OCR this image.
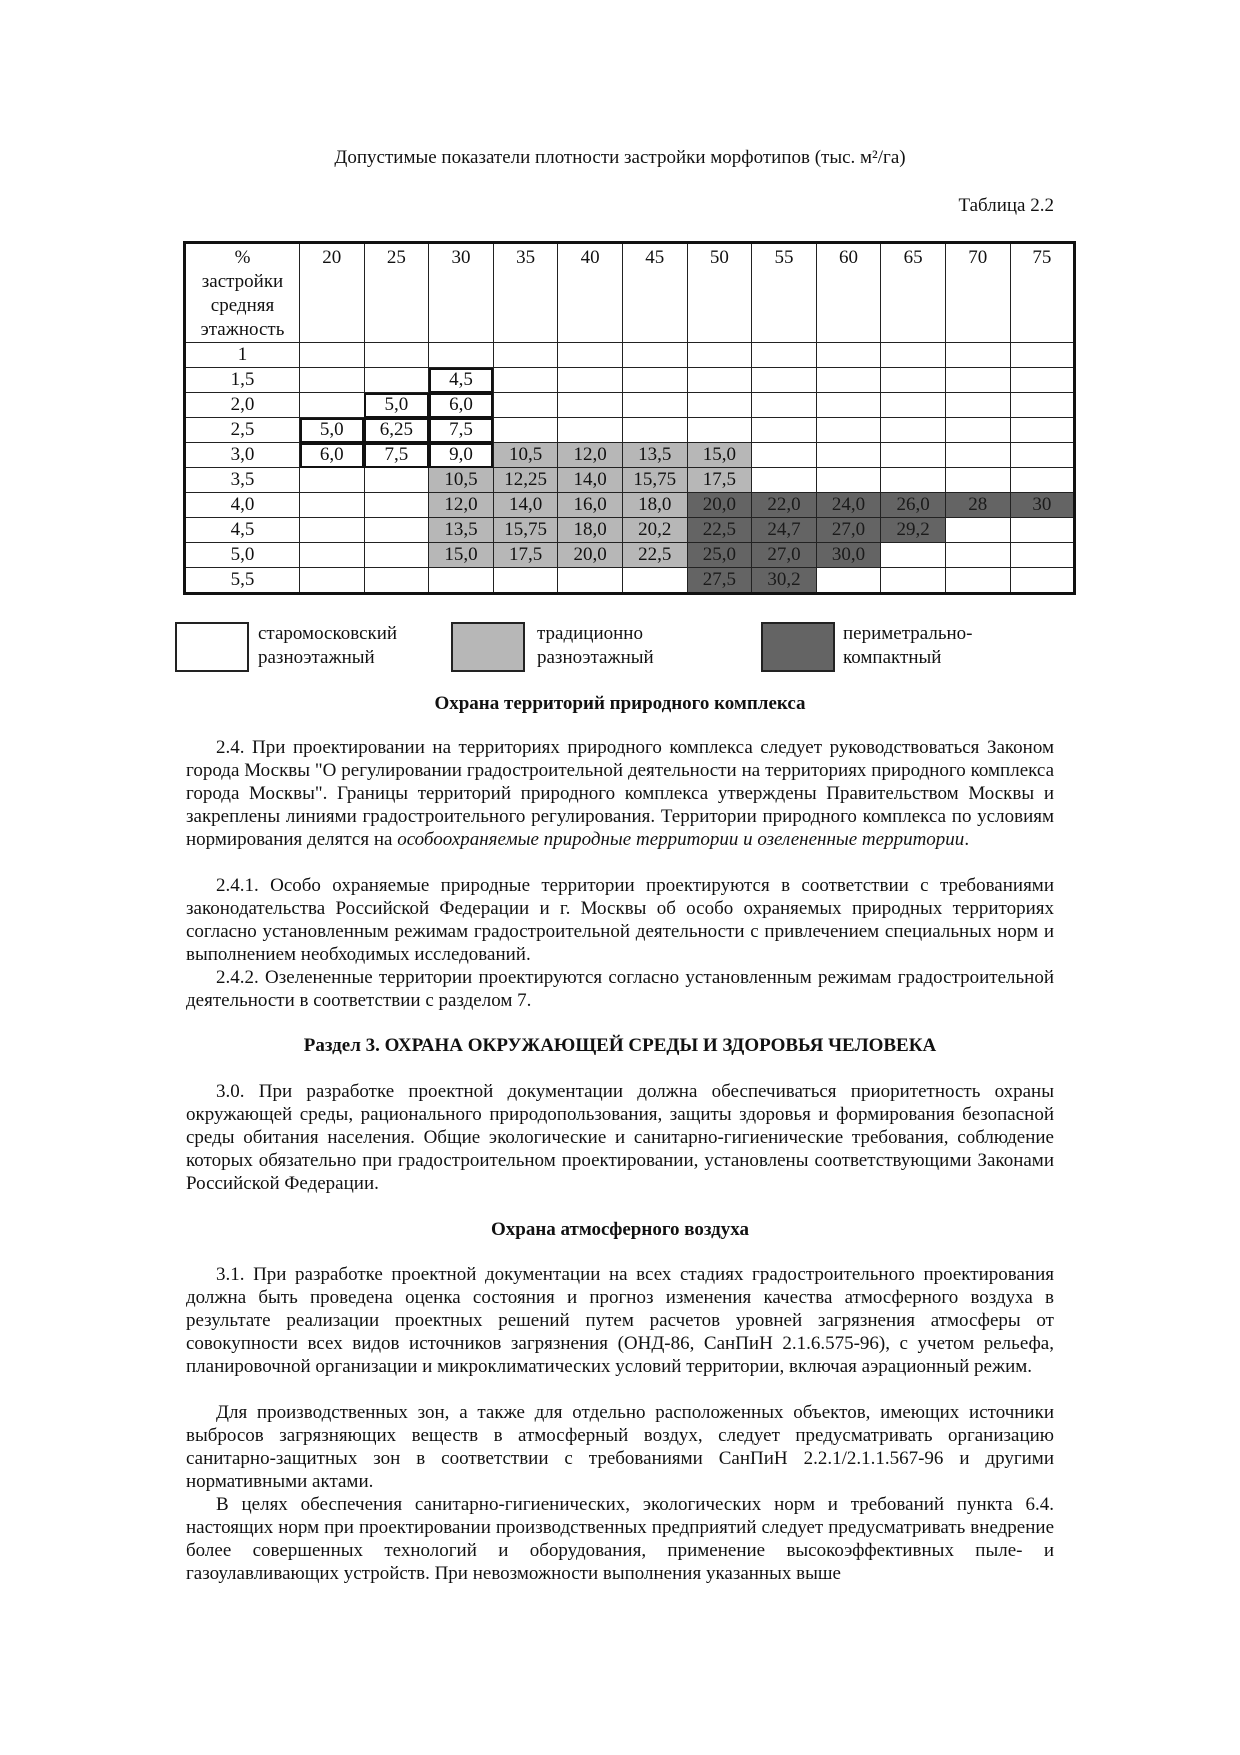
Допустимые показатели плотности застройки морфотипов (тыс. м²/га)
Таблица 2.2
% застройки средняя этажность	20	25	30	35	40	45	50	55	60	65	70	75
1												
1,5			4,5									
2,0		5,0	6,0									
2,5	5,0	6,25	7,5									
3,0	6,0	7,5	9,0	10,5	12,0	13,5	15,0					
3,5			10,5	12,25	14,0	15,75	17,5					
4,0			12,0	14,0	16,0	18,0	20,0	22,0	24,0	26,0	28	30
4,5			13,5	15,75	18,0	20,2	22,5	24,7	27,0	29,2		
5,0			15,0	17,5	20,0	22,5	25,0	27,0	30,0			
5,5							27,5	30,2				
старомосковский
разноэтажный
традиционно
разноэтажный
периметрально-
компактный
Охрана территорий природного комплекса

2.4. При проектировании на территориях природного комплекса следует руководствоваться Законом города Москвы "О регулировании градостроительной деятельности на территориях природного комплекса города Москвы". Границы территорий природного комплекса утверждены Правительством Москвы и закреплены линиями градостроительного регулирования. Территории природного комплекса по условиям нормирования делятся на особоохраняемые природные территории и озелененные территории.

2.4.1. Особо охраняемые природные территории проектируются в соответствии с требованиями законодательства Российской Федерации и г. Москвы об особо охраняемых природных территориях согласно установленным режимам градостроительной деятельности с привлечением специальных норм и выполнением необходимых исследований.

2.4.2. Озелененные территории проектируются согласно установленным режимам градостроительной деятельности в соответствии с разделом 7.

Раздел 3. ОХРАНА ОКРУЖАЮЩЕЙ СРЕДЫ И ЗДОРОВЬЯ ЧЕЛОВЕКА

3.0. При разработке проектной документации должна обеспечиваться приоритетность охраны окружающей среды, рационального природопользования, защиты здоровья и формирования безопасной среды обитания населения. Общие экологические и санитарно-гигиенические требования, соблюдение которых обязательно при градостроительном проектировании, установлены соответствующими Законами Российской Федерации.

Охрана атмосферного воздуха

3.1. При разработке проектной документации на всех стадиях градостроительного проектирования должна быть проведена оценка состояния и прогноз изменения качества атмосферного воздуха в результате реализации проектных решений путем расчетов уровней загрязнения атмосферы от совокупности всех видов источников загрязнения (ОНД-86, СанПиН 2.1.6.575-96), с учетом рельефа, планировочной организации и микроклиматических условий территории, включая аэрационный режим.

Для производственных зон, а также для отдельно расположенных объектов, имеющих источники выбросов загрязняющих веществ в атмосферный воздух, следует предусматривать организацию санитарно-защитных зон в соответствии с требованиями СанПиН 2.2.1/2.1.1.567-96 и другими нормативными актами.

В целях обеспечения санитарно-гигиенических, экологических норм и требований пункта 6.4. настоящих норм при проектировании производственных предприятий следует предусматривать внедрение более совершенных технологий и оборудования, применение высокоэффективных пыле- и газоулавливающих устройств. При невозможности выполнения указанных выше
